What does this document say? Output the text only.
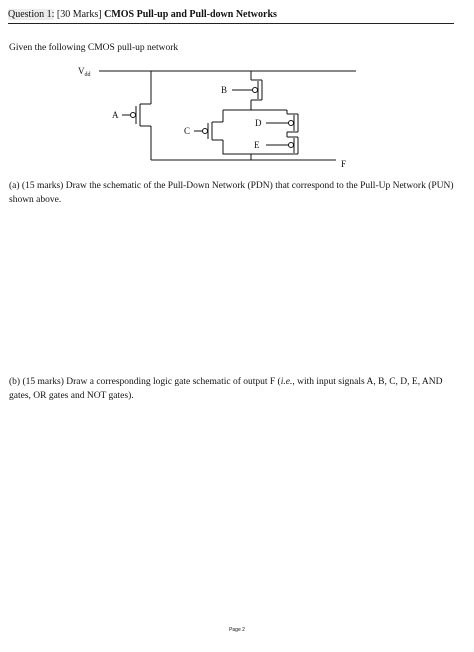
Question 1: [30 Marks] CMOS Pull-up and Pull-down Networks
Given the following CMOS pull-up network
$V_{dd}$
A
B
C
D
E
F
(a) (15 marks) Draw the schematic of the Pull-Down Network (PDN) that correspond to the Pull-Up Network (PUN) shown above.
(b) (15 marks) Draw a corresponding logic gate schematic of output F (i.e., with input signals A, B, C, D, E, AND gates, OR gates and NOT gates).
Page 2
